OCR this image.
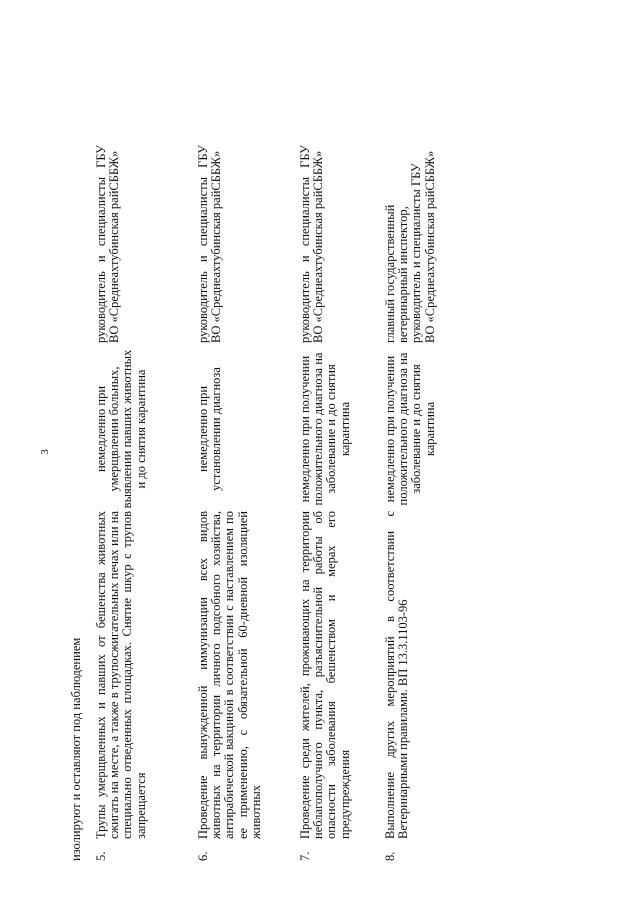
3
изолируют и оставляют под наблюдением 5.

Трупы умерщвленных и павших от бешенства животных сжигать на месте, а также в трупосжигательных печах или на специально отведенных площадках. Снятие шкур с трупов запрещается

немедленно при умерщвлении больных, выявлении павших животных и до снятия карантина

руководитель и специалисты ГБУ ВО «Среднеахтубинская райСББЖ»

6.

Проведение вынужденной иммунизации всех видов животных на территории личного подсобного хозяйства, антирабической вакциной в соответствии с наставлением по ее применению, с обязательной 60-дневной изоляцией животных

немедленно при установлении диагноза

руководитель и специалисты ГБУ ВО «Среднеахтубинская райСББЖ»

7.

Проведение среди жителей, проживающих на территории неблагополучного пункта, разъяснительной работы об опасности заболевания бешенством и мерах его предупреждения

немедленно при получении положительного диагноза на заболевание и до снятия карантина

руководитель и специалисты ГБУ ВО «Среднеахтубинская райСББЖ»

8.

Выполнение других мероприятий в соответствии с Ветеринарными правилами. ВП 13.3.1103-96

немедленно при получении положительного диагноза на заболевание и до снятия карантина

главный государственный ветеринарный инспектор, руководитель и специалисты ГБУ ВО «Среднеахтубинская райСББЖ»
